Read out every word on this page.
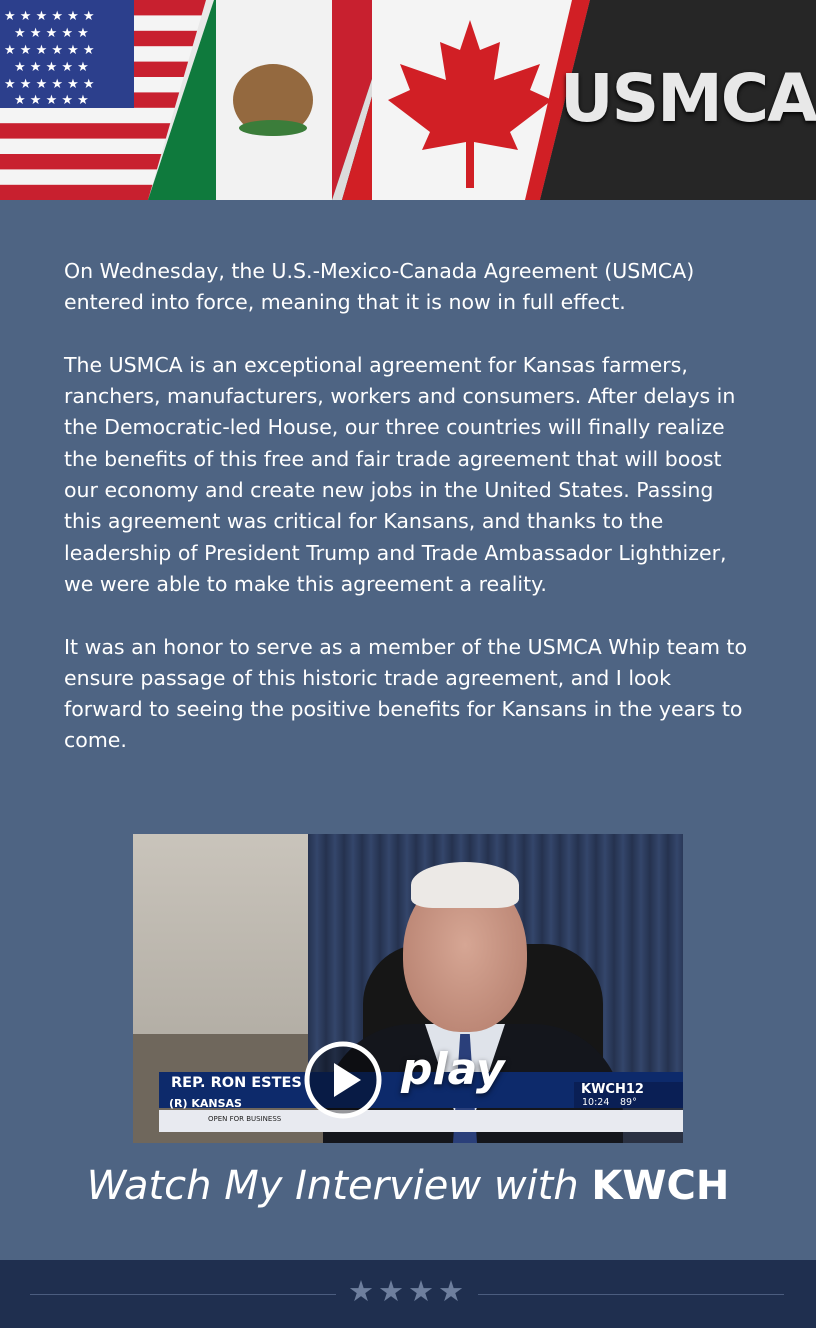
★ ★ ★ ★ ★ ★
★ ★ ★ ★ ★
★ ★ ★ ★ ★ ★
★ ★ ★ ★ ★
★ ★ ★ ★ ★ ★
★ ★ ★ ★ ★	USMCA

On Wednesday, the U.S.-Mexico-Canada Agreement (USMCA) entered into force, meaning that it is now in full effect.

The USMCA is an exceptional agreement for Kansas farmers, ranchers, manufacturers, workers and consumers. After delays in the Democratic-led House, our three countries will finally realize the benefits of this free and fair trade agreement that will boost our economy and create new jobs in the United States. Passing this agreement was critical for Kansans, and thanks to the leadership of President Trump and Trade Ambassador Lighthizer, we were able to make this agreement a reality.

It was an honor to serve as a member of the USMCA Whip team to ensure passage of this historic trade agreement, and I look forward to seeing the positive benefits for Kansans in the years to come.

REP. RON ESTES
(R) KANSAS
OPEN FOR BUSINESS
KWCH12
10:24 89°
play
Watch My Interview with KWCH
★★★★
